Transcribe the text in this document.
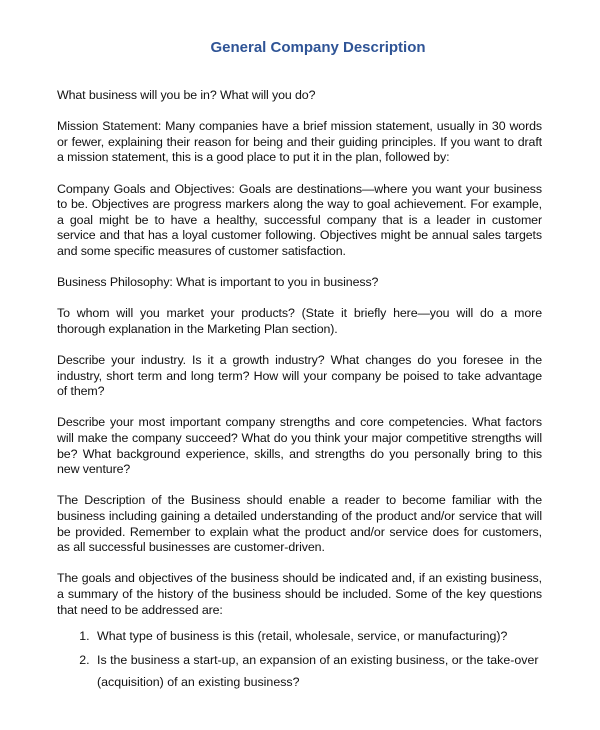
General Company Description

What business will you be in? What will you do?

Mission Statement: Many companies have a brief mission statement, usually in 30 words or fewer, explaining their reason for being and their guiding principles. If you want to draft a mission statement, this is a good place to put it in the plan, followed by:

Company Goals and Objectives: Goals are destinations—where you want your business to be. Objectives are progress markers along the way to goal achievement. For example, a goal might be to have a healthy, successful company that is a leader in customer service and that has a loyal customer following. Objectives might be annual sales targets and some specific measures of customer satisfaction.

Business Philosophy: What is important to you in business?

To whom will you market your products? (State it briefly here—you will do a more thorough explanation in the Marketing Plan section).

Describe your industry. Is it a growth industry? What changes do you foresee in the industry, short term and long term? How will your company be poised to take advantage of them?

Describe your most important company strengths and core competencies. What factors will make the company succeed? What do you think your major competitive strengths will be? What background experience, skills, and strengths do you personally bring to this new venture?

The Description of the Business should enable a reader to become familiar with the business including gaining a detailed understanding of the product and/or service that will be provided. Remember to explain what the product and/or service does for customers, as all successful businesses are customer-driven.

The goals and objectives of the business should be indicated and, if an existing business, a summary of the history of the business should be included. Some of the key questions that need to be addressed are:

1. What type of business is this (retail, wholesale, service, or manufacturing)?
2. Is the business a start-up, an expansion of an existing business, or the take-over (acquisition) of an existing business?
